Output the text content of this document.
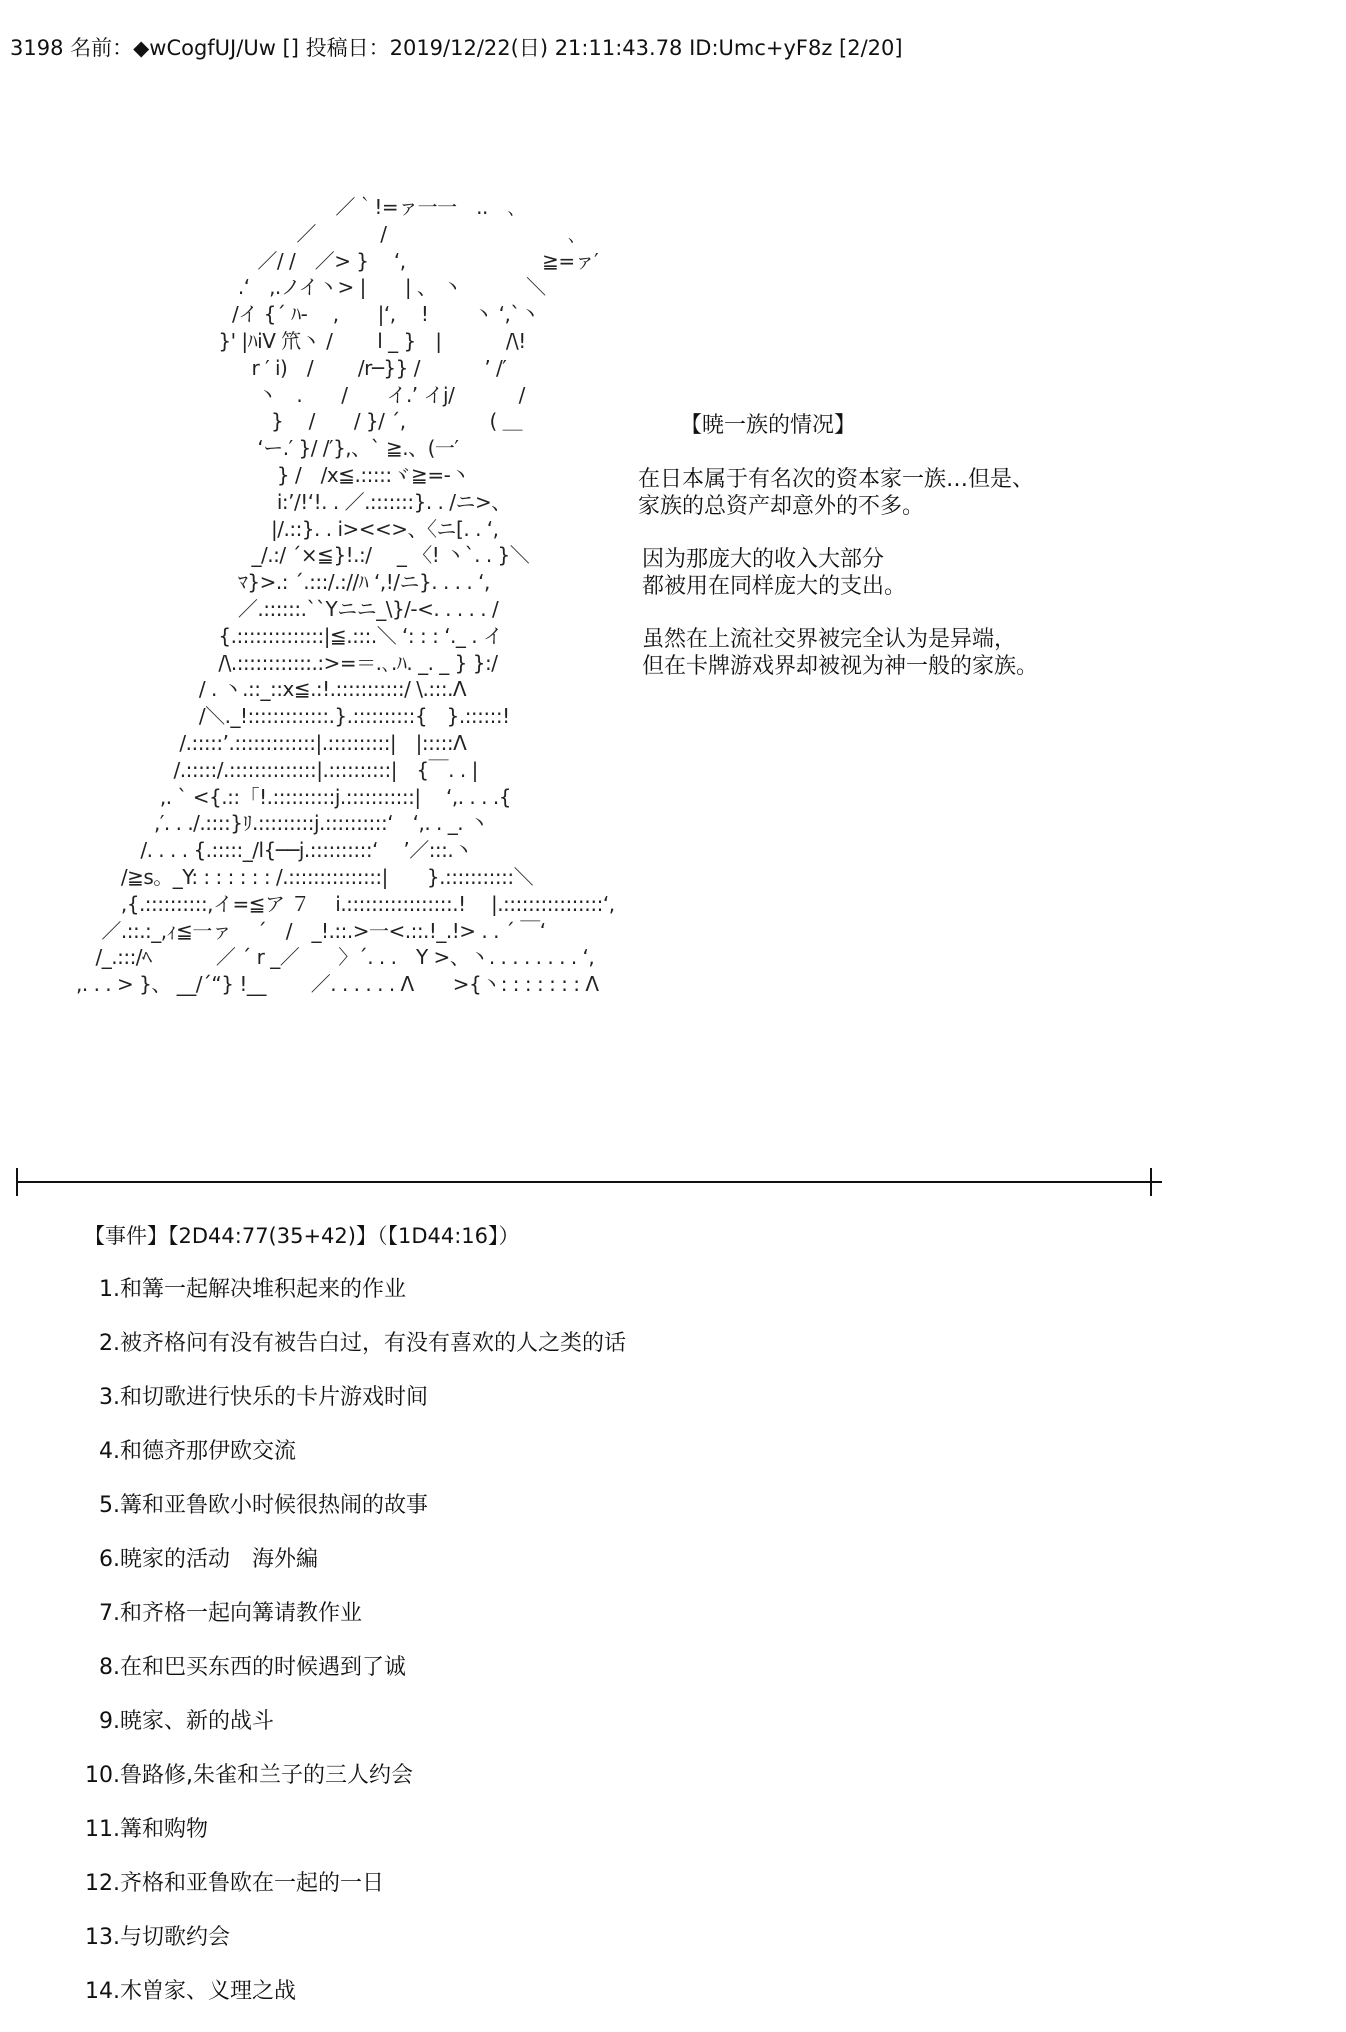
3198 名前：◆wCogfUJ/Uw [] 投稿日：2019/12/22(日) 21:11:43.78 ID:Umc+yF8z [2/20]
　　　　　　　　　　　　　 ／｀!=ァ一一　..　､
　　　　　　　　　　　 ／　　　 /　　　　　　　　　 ､
　　　　　　　　　 ／/ /　／> }　 ‘,　　　　　　　≧=ァ′
　　　　　　　　 .‘　,.ノイ丶> |　　| 、 丶　　　 ＼
　　　　　　　　/イ {´ ﾊ-　 ,　　|‘,　 !　　 丶 ‘,`丶
　　　　　　　 }' |ﾊiV 笊丶 /　　 l _ }　|　　　 /\!
　　　　　　　　　r ′ i)　/　　 /r─}} /　　　 ’ /′
　　　　　　　　　 丶　.　　/　　イ.’ イj/　　　 /
　　　　　　　　　　}　 /　　/ }/ ´,　　　　 ( ＿
　　　　　　　　　 ‘ー.′ }/ /′},、` ≧.、(一′
　　　　　　　　　　 } /　/x≦.:::::ヾ≧=‐丶
　　　　　　　　　　 i:’/!‘!. . ／.:::::::}. . /ニ>、
　　　　　　　　　　|/.::}. . i><<>、〈ニ[. . ‘,
　　　　　　　　　_/.:/ ´×≦}!.:/　 _ 〈! 丶`. . }＼
　　　　　　　　 ﾏ}>.: ´.:::/.://ﾊ ‘,!/ニ}. . . . ‘,
　　　　　　　　 ／.::::::.``Yニニ_\}/‐<. . . . . /
　　　　　　　 {.::::::::::::::|≦.:::.＼ ‘: : : ‘._ . イ
　　　　　　　 /\.::::::::::::.:>=＝.､.ﾊ. _. _ } }:/
　　　　　　 / . 丶.::_::x≦.:!.:::::::::::/ \.:::.Λ
　　　　　　 /＼._!:::::::::::::.}.::::::::::{　}.::::::!
　　　　　 /.:::::’.:::::::::::::|.::::::::::|　|:::::Λ
　　　　　/.:::::/.::::::::::::::|.::::::::::|　{￣. . |
　　　　 ,. ` <{.::「!.::::::::::j.:::::::::::|　 ‘,. . . .{
　　　　,′. . ./.::::}ﾘ.:::::::::j.::::::::::‘　‘,. . _. 丶
　　　 /. . . . {.:::::_/l{──j.::::::::::‘　 ’／:::.丶
　　 /≧s。_Y: : : : : : : /.:::::::::::::::|　　}.:::::::::::＼
　　 ,{.::::::::::,イ=≦ア ７　 i.:::::::::::::::::.!　 |.::::::::::::::::‘,
　 ／.::.:_,ｨ≦一ァ　 ´　/　_!.::.>一<.::.!_.!> . . ´ ￣‘
　/_.:::/ﾍ　　　 ／ ´ r _／　　〉´. . .　Y >、丶. . . . . . . . ‘,
,. . . > }、 __/´“} !__　　 ／. . . . . . Λ　　>{丶: : : : : : : Λ
【暁一族的情况】
在日本属于有名次的资本家一族…但是、
家族的总资产却意外的不多。
因为那庞大的收入大部分
都被用在同样庞大的支出。
虽然在上流社交界被完全认为是异端，
但在卡牌游戏界却被视为神一般的家族。
【事件】【2D44:77(35+42)】（【1D44:16】）
1. 和篝一起解决堆积起来的作业
2. 被齐格问有没有被告白过，有没有喜欢的人之类的话
3. 和切歌进行快乐的卡片游戏时间
4. 和德齐那伊欧交流
5. 篝和亚鲁欧小时候很热闹的故事
6. 暁家的活动　海外編
7. 和齐格一起向篝请教作业
8. 在和巴买东西的时候遇到了诚
9. 暁家、新的战斗
10. 鲁路修,朱雀和兰子的三人约会
11. 篝和购物
12. 齐格和亚鲁欧在一起的一日
13. 与切歌约会
14. 木曽家、义理之战
